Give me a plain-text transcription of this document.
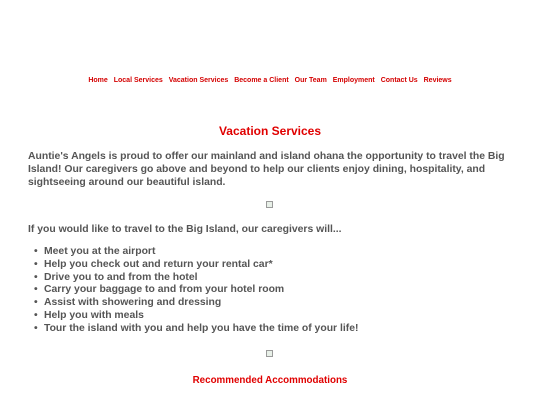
Home Local Services Vacation Services Become a Client Our Team Employment Contact Us Reviews
Vacation Services

Auntie's Angels is proud to offer our mainland and island ohana the opportunity to travel the Big Island! Our caregivers go above and beyond to help our clients enjoy dining, hospitality, and sightseeing around our beautiful island.

If you would like to travel to the Big Island, our caregivers will...

• Meet you at the airport
• Help you check out and return your rental car*
• Drive you to and from the hotel
• Carry your baggage to and from your hotel room
• Assist with showering and dressing
• Help you with meals
• Tour the island with you and help you have the time of your life!
Recommended Accommodations
